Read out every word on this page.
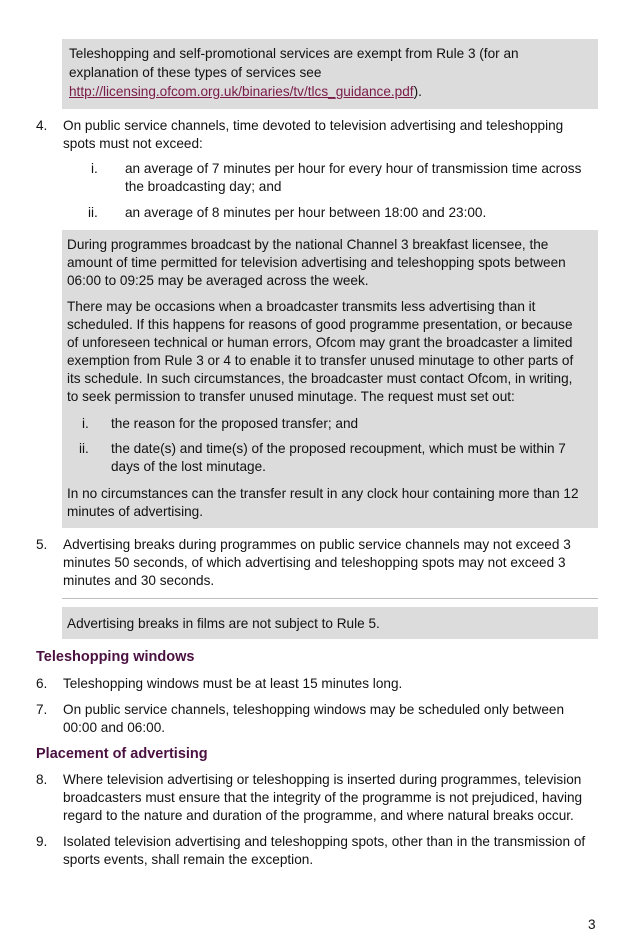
Teleshopping and self-promotional services are exempt from Rule 3 (for an
explanation of these types of services see
http://licensing.ofcom.org.uk/binaries/tv/tlcs_guidance.pdf).
4. On public service channels, time devoted to television advertising and teleshopping
spots must not exceed:
i. an average of 7 minutes per hour for every hour of transmission time across
the broadcasting day; and
ii. an average of 8 minutes per hour between 18:00 and 23:00.
During programmes broadcast by the national Channel 3 breakfast licensee, the
amount of time permitted for television advertising and teleshopping spots between
06:00 to 09:25 may be averaged across the week.
There may be occasions when a broadcaster transmits less advertising than it
scheduled. If this happens for reasons of good programme presentation, or because
of unforeseen technical or human errors, Ofcom may grant the broadcaster a limited
exemption from Rule 3 or 4 to enable it to transfer unused minutage to other parts of
its schedule. In such circumstances, the broadcaster must contact Ofcom, in writing,
to seek permission to transfer unused minutage. The request must set out:
i. the reason for the proposed transfer; and
ii. the date(s) and time(s) of the proposed recoupment, which must be within 7
days of the lost minutage.
In no circumstances can the transfer result in any clock hour containing more than 12
minutes of advertising.
5. Advertising breaks during programmes on public service channels may not exceed 3
minutes 50 seconds, of which advertising and teleshopping spots may not exceed 3
minutes and 30 seconds.
Advertising breaks in films are not subject to Rule 5.
Teleshopping windows
6. Teleshopping windows must be at least 15 minutes long.
7. On public service channels, teleshopping windows may be scheduled only between
00:00 and 06:00.
Placement of advertising
8. Where television advertising or teleshopping is inserted during programmes, television
broadcasters must ensure that the integrity of the programme is not prejudiced, having
regard to the nature and duration of the programme, and where natural breaks occur.
9. Isolated television advertising and teleshopping spots, other than in the transmission of
sports events, shall remain the exception.
3
